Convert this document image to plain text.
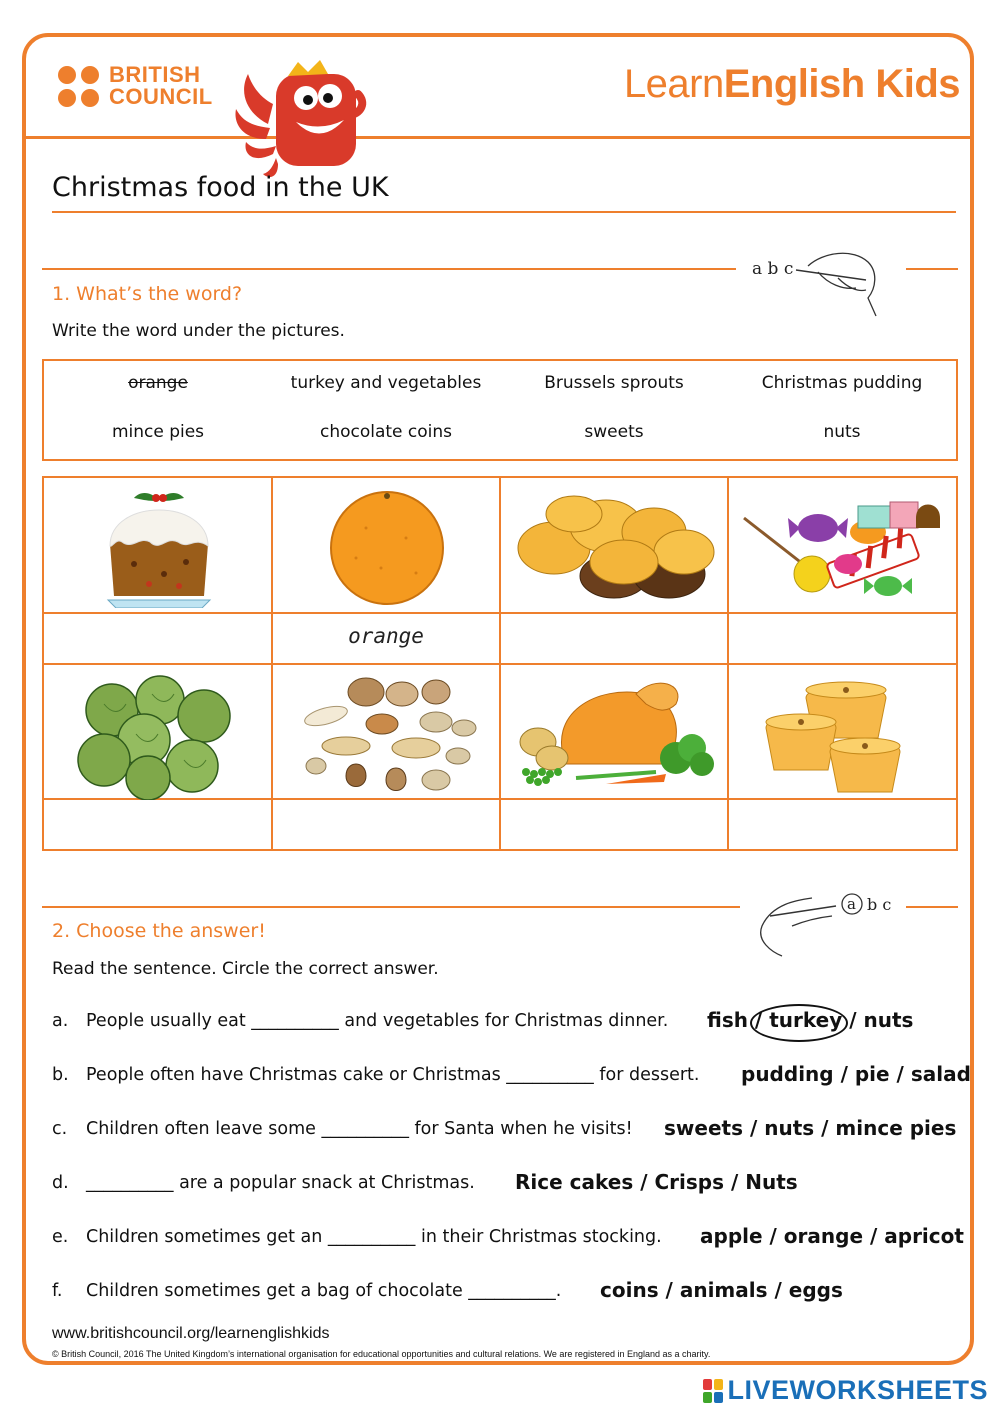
BRITISH
COUNCIL	LearnEnglish Kids
Christmas food in the UK
a b c
1. What’s the word?
Write the word under the pictures.
orange	turkey and vegetables	Brussels sprouts	Christmas pudding
mince pies	chocolate coins	sweets	nuts
orange
a b c
2. Choose the answer!
Read the sentence. Circle the correct answer.
a. People usually eat __________ and vegetables for Christmas dinner. fish / turkey / nuts
b. People often have Christmas cake or Christmas __________ for dessert. pudding / pie / salad
c. Children often leave some __________ for Santa when he visits! sweets / nuts / mince pies
d. __________ are a popular snack at Christmas. Rice cakes / Crisps / Nuts
e. Children sometimes get an __________ in their Christmas stocking. apple / orange / apricot
f. Children sometimes get a bag of chocolate __________. coins / animals / eggs
www.britishcouncil.org/learnenglishkids
© British Council, 2016 The United Kingdom’s international organisation for educational opportunities and cultural relations. We are registered in England as a charity.
LIVEWORKSHEETS
